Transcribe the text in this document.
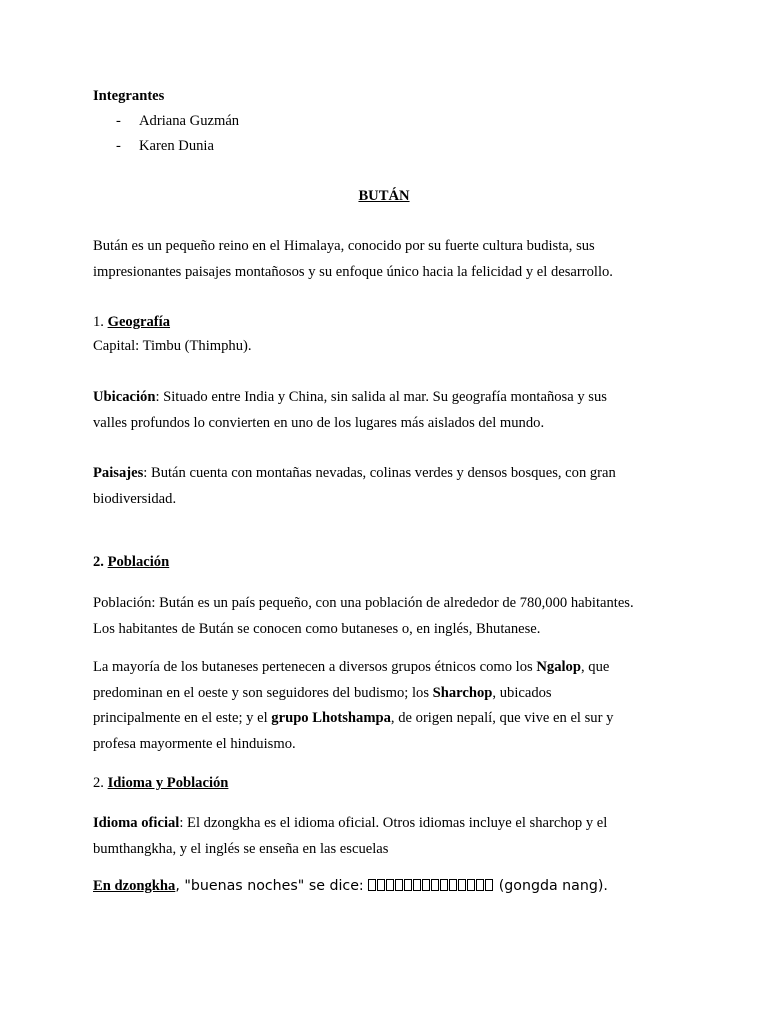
Integrantes
- Adriana Guzmán
- Karen Dunia
BUTÁN
Bután es un pequeño reino en el Himalaya, conocido por su fuerte cultura budista, sus
impresionantes paisajes montañosos y su enfoque único hacia la felicidad y el desarrollo.
1. Geografía
Capital: Timbu (Thimphu).
Ubicación: Situado entre India y China, sin salida al mar. Su geografía montañosa y sus
valles profundos lo convierten en uno de los lugares más aislados del mundo.
Paisajes: Bután cuenta con montañas nevadas, colinas verdes y densos bosques, con gran
biodiversidad.
2. Población
Población: Bután es un país pequeño, con una población de alrededor de 780,000 habitantes.
Los habitantes de Bután se conocen como butaneses o, en inglés, Bhutanese.
La mayoría de los butaneses pertenecen a diversos grupos étnicos como los Ngalop, que
predominan en el oeste y son seguidores del budismo; los Sharchop, ubicados
principalmente en el este; y el grupo Lhotshampa, de origen nepalí, que vive en el sur y
profesa mayormente el hinduismo.
2. Idioma y Población
Idioma oficial: El dzongkha es el idioma oficial. Otros idiomas incluye el sharchop y el
bumthangkha, y el inglés se enseña en las escuelas
En dzongkha, "buenas noches" se dice:	(gongda nang).
